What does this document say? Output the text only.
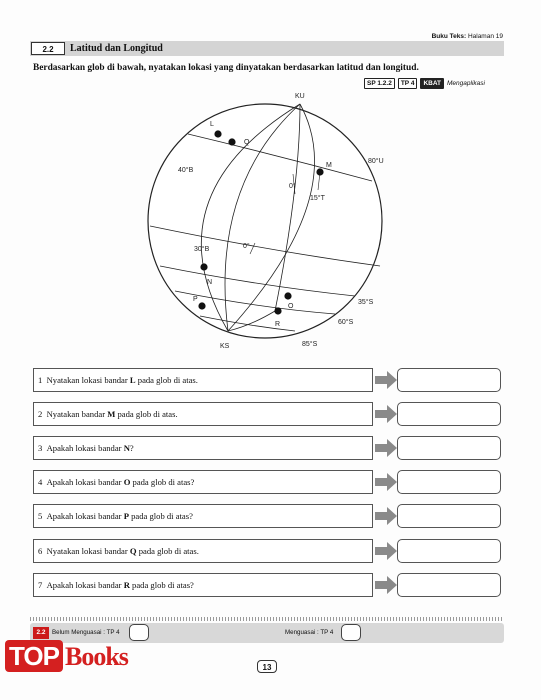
Buku Teks: Halaman 19
2.2	Latitud dan Longitud
Berdasarkan glob di bawah, nyatakan lokasi yang dinyatakan berdasarkan latitud dan longitud.
SP 1.2.2	TP 4	KBAT Mengaplikasi
KU
KS
80°U
40°B
0°
15°T
30°B	0°
35°S
60°S
85°S
L
Q
M
N
O
P
R
1 Nyatakan lokasi bandar L pada glob di atas.
2 Nyatakan bandar M pada glob di atas.
3 Apakah lokasi bandar N?
4 Apakah lokasi bandar O pada glob di atas?
5 Apakah lokasi bandar P pada glob di atas?
6 Nyatakan lokasi bandar Q pada glob di atas.
7 Apakah lokasi bandar R pada glob di atas?
2.2	Belum Menguasai : TP 4	Menguasai : TP 4
TOP Books	13
